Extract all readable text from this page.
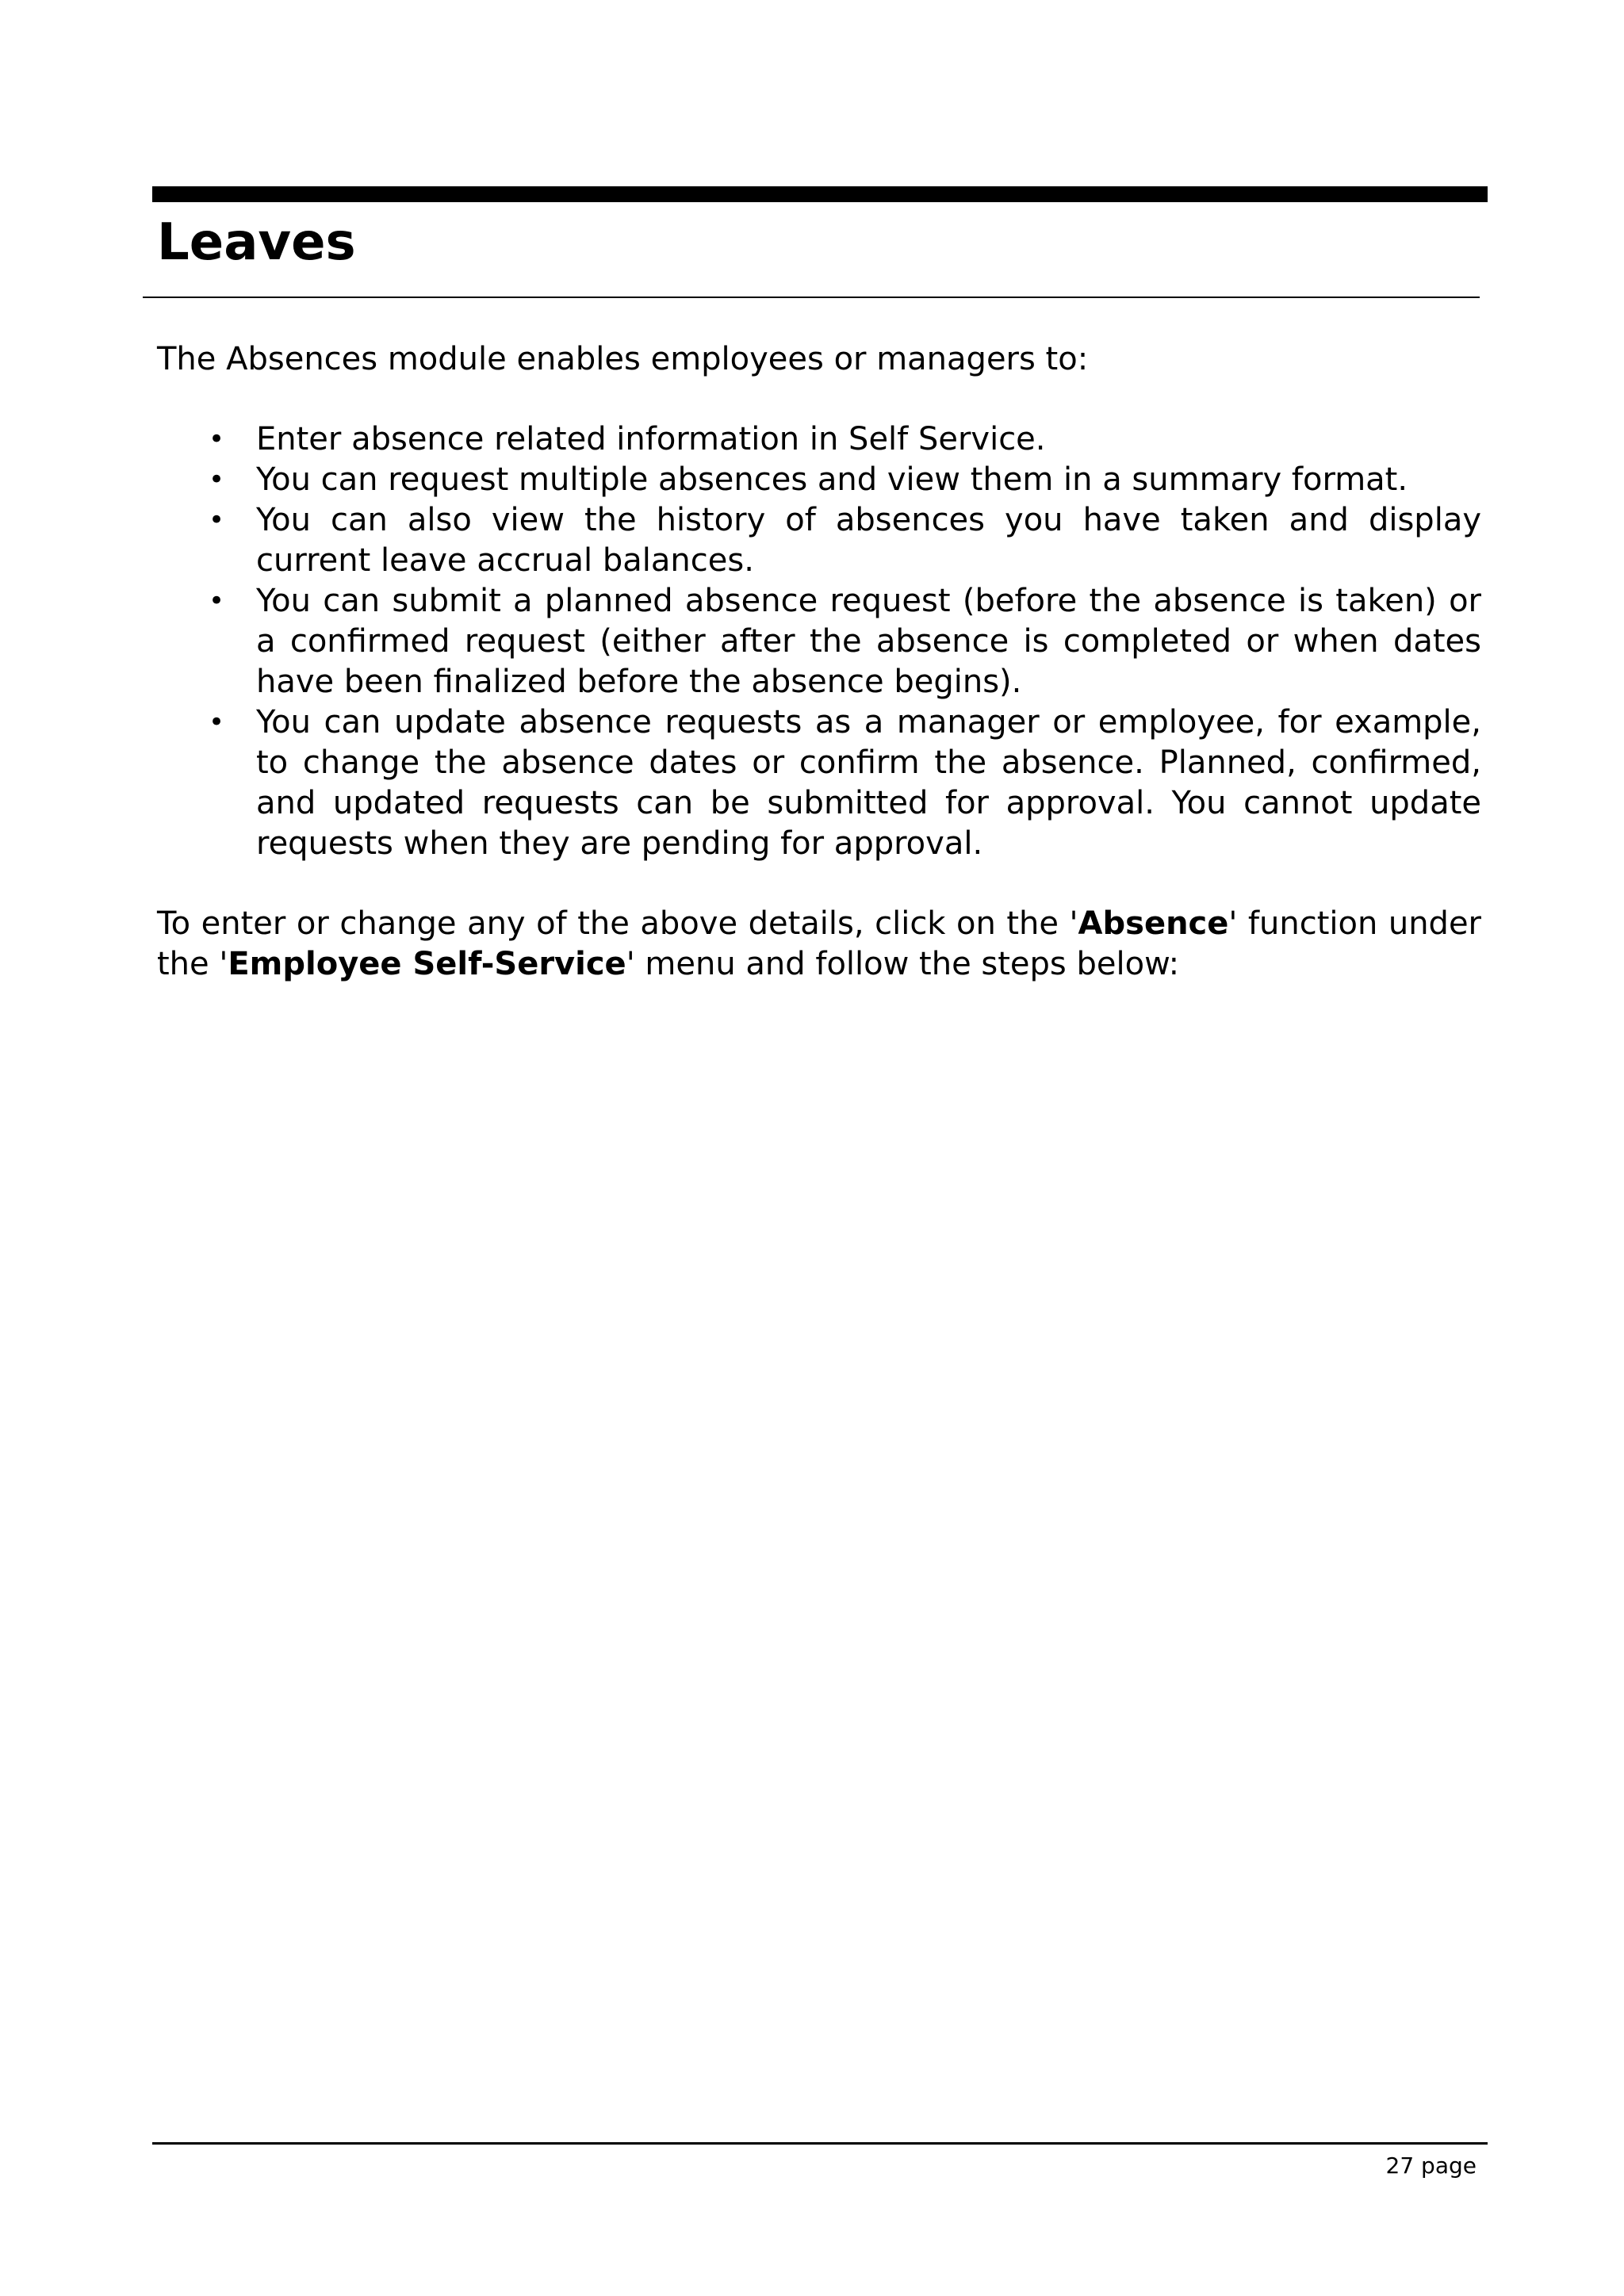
Leaves

The Absences module enables employees or managers to:

• Enter absence related information in Self Service.
• You can request multiple absences and view them in a summary format.
• You can also view the history of absences you have taken and display current leave accrual balances.
• You can submit a planned absence request (before the absence is taken) or a confirmed request (either after the absence is completed or when dates have been finalized before the absence begins).
• You can update absence requests as a manager or employee, for example, to change the absence dates or confirm the absence. Planned, confirmed, and updated requests can be submitted for approval. You cannot update requests when they are pending for approval.

To enter or change any of the above details, click on the 'Absence' function under the 'Employee Self-Service' menu and follow the steps below:

27 page
